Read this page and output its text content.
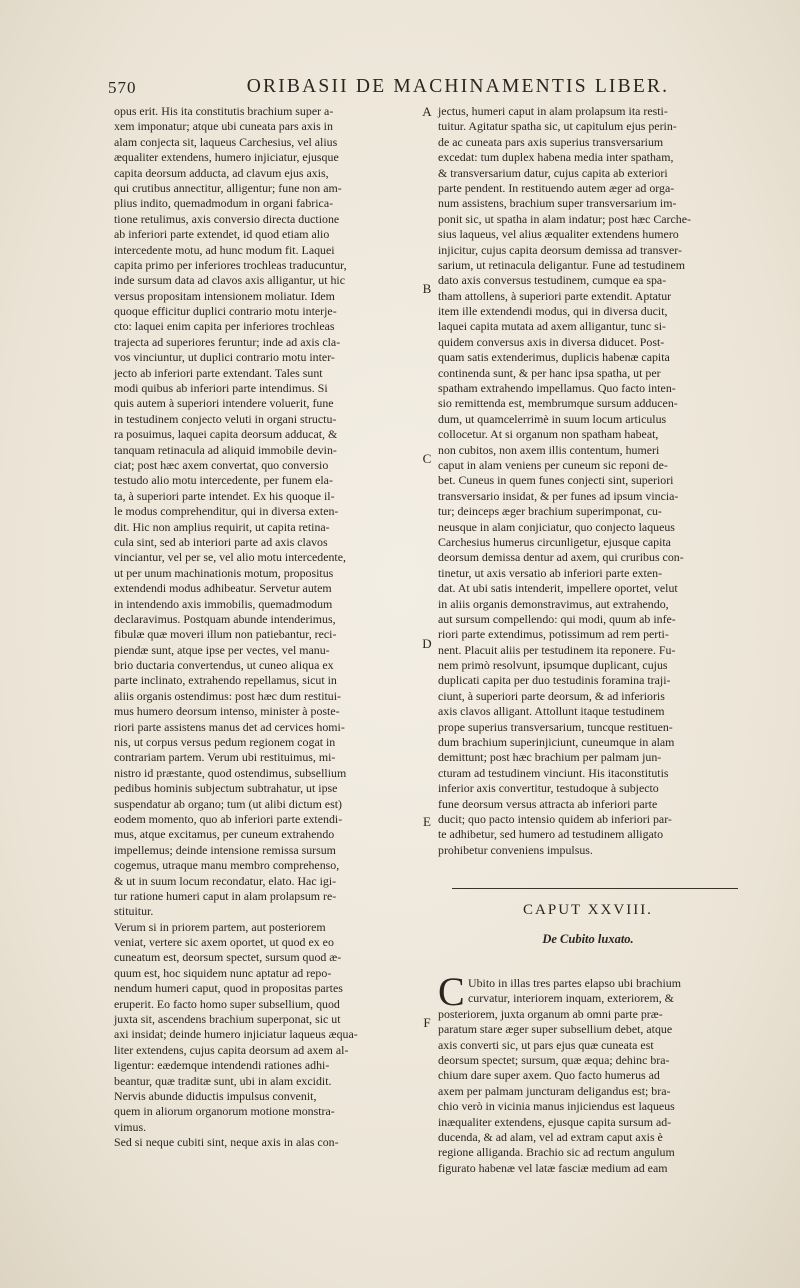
570	ORIBASII DE MACHINAMENTIS LIBER.
opus erit. His ita constitutis brachium super a-
xem imponatur; atque ubi cuneata pars axis in
alam conjecta sit, laqueus Carchesius, vel alius
æqualiter extendens, humero injiciatur, ejusque
capita deorsum adducta, ad clavum ejus axis,
qui crutibus annectitur, alligentur; fune non am-
plius indito, quemadmodum in organi fabrica-
tione retulimus, axis conversio directa ductione
ab inferiori parte extendet, id quod etiam alio
intercedente motu, ad hunc modum fit. Laquei
capita primo per inferiores trochleas traducuntur,
inde sursum data ad clavos axis alligantur, ut hic
versus propositam intensionem moliatur. Idem
quoque efficitur duplici contrario motu interje-
cto: laquei enim capita per inferiores trochleas
trajecta ad superiores feruntur; inde ad axis cla-
vos vinciuntur, ut duplici contrario motu inter-
jecto ab inferiori parte extendant. Tales sunt
modi quibus ab inferiori parte intendimus. Si
quis autem à superiori intendere voluerit, fune
in testudinem conjecto veluti in organi structu-
ra posuimus, laquei capita deorsum adducat, &
tanquam retinacula ad aliquid immobile devin-
ciat; post hæc axem convertat, quo conversio
testudo alio motu intercedente, per funem ela-
ta, à superiori parte intendet. Ex his quoque il-
le modus comprehenditur, qui in diversa exten-
dit. Hic non amplius requirit, ut capita retina-
cula sint, sed ab interiori parte ad axis clavos
vinciantur, vel per se, vel alio motu intercedente,
ut per unum machinationis motum, propositus
extendendi modus adhibeatur. Servetur autem
in intendendo axis immobilis, quemadmodum
declaravimus. Postquam abunde intenderimus,
fibulæ quæ moveri illum non patiebantur, reci-
piendæ sunt, atque ipse per vectes, vel manu-
brio ductaria convertendus, ut cuneo aliqua ex
parte inclinato, extrahendo repellamus, sicut in
aliis organis ostendimus: post hæc dum restitui-
mus humero deorsum intenso, minister à poste-
riori parte assistens manus det ad cervices homi-
nis, ut corpus versus pedum regionem cogat in
contrariam partem. Verum ubi restituimus, mi-
nistro id præstante, quod ostendimus, subsellium
pedibus hominis subjectum subtrahatur, ut ipse
suspendatur ab organo; tum (ut alibi dictum est)
eodem momento, quo ab inferiori parte extendi-
mus, atque excitamus, per cuneum extrahendo
impellemus; deinde intensione remissa sursum
cogemus, utraque manu membro comprehenso,
& ut in suum locum recondatur, elato. Hac igi-
tur ratione humeri caput in alam prolapsum re-
stituitur.
Verum si in priorem partem, aut posteriorem
veniat, vertere sic axem oportet, ut quod ex eo
cuneatum est, deorsum spectet, sursum quod æ-
quum est, hoc siquidem nunc aptatur ad repo-
nendum humeri caput, quod in propositas partes
eruperit. Eo facto homo super subsellium, quod
juxta sit, ascendens brachium superponat, sic ut
axi insidat; deinde humero injiciatur laqueus æqua-
liter extendens, cujus capita deorsum ad axem al-
ligentur: eædemque intendendi rationes adhi-
beantur, quæ traditæ sunt, ubi in alam excidit.
Nervis abunde diductis impulsus convenit,
quem in aliorum organorum motione monstra-
vimus.
Sed si neque cubiti sint, neque axis in alas con-
jectus, humeri caput in alam prolapsum ita resti-
tuitur. Agitatur spatha sic, ut capitulum ejus perin-
de ac cuneata pars axis superius transversarium
excedat: tum duplex habena media inter spatham,
& transversarium datur, cujus capita ab exteriori
parte pendent. In restituendo autem æger ad orga-
num assistens, brachium super transversarium im-
ponit sic, ut spatha in alam indatur; post hæc Carche-
sius laqueus, vel alius æqualiter extendens humero
injicitur, cujus capita deorsum demissa ad transver-
sarium, ut retinacula deligantur. Fune ad testudinem
dato axis conversus testudinem, cumque ea spa-
tham attollens, à superiori parte extendit. Aptatur
item ille extendendi modus, qui in diversa ducit,
laquei capita mutata ad axem alligantur, tunc si-
quidem conversus axis in diversa diducet. Post-
quam satis extenderimus, duplicis habenæ capita
continenda sunt, & per hanc ipsa spatha, ut per
spatham extrahendo impellamus. Quo facto inten-
sio remittenda est, membrumque sursum adducen-
dum, ut quamcelerrimè in suum locum articulus
collocetur. At si organum non spatham habeat,
non cubitos, non axem illis contentum, humeri
caput in alam veniens per cuneum sic reponi de-
bet. Cuneus in quem funes conjecti sint, superiori
transversario insidat, & per funes ad ipsum vincia-
tur; deinceps æger brachium superimponat, cu-
neusque in alam conjiciatur, quo conjecto laqueus
Carchesius humerus circunligetur, ejusque capita
deorsum demissa dentur ad axem, qui cruribus con-
tinetur, ut axis versatio ab inferiori parte exten-
dat. At ubi satis intenderit, impellere oportet, velut
in aliis organis demonstravimus, aut extrahendo,
aut sursum compellendo: qui modi, quum ab infe-
riori parte extendimus, potissimum ad rem perti-
nent. Placuit aliis per testudinem ita reponere. Fu-
nem primò resolvunt, ipsumque duplicant, cujus
duplicati capita per duo testudinis foramina traji-
ciunt, à superiori parte deorsum, & ad inferioris
axis clavos alligant. Attollunt itaque testudinem
prope superius transversarium, tuncque restituen-
dum brachium superinjiciunt, cuneumque in alam
demittunt; post hæc brachium per palmam jun-
cturam ad testudinem vinciunt. His itaconstitutis
inferior axis convertitur, testudoque à subjecto
fune deorsum versus attracta ab inferiori parte
ducit; quo pacto intensio quidem ab inferiori par-
te adhibetur, sed humero ad testudinem alligato
prohibetur conveniens impulsus.
A
B
C
D
E
F
CAPUT XXVIII.
De Cubito luxato.
C Ubito in illas tres partes elapso ubi brachium
curvatur, interiorem inquam, exteriorem, &
posteriorem, juxta organum ab omni parte præ-
paratum stare æger super subsellium debet, atque
axis converti sic, ut pars ejus quæ cuneata est
deorsum spectet; sursum, quæ æqua; dehinc bra-
chium dare super axem. Quo facto humerus ad
axem per palmam juncturam deligandus est; bra-
chio verò in vicinia manus injiciendus est laqueus
inæqualiter extendens, ejusque capita sursum ad-
ducenda, & ad alam, vel ad extram caput axis è
regione alliganda. Brachio sic ad rectum angulum
figurato habenæ vel latæ fasciæ medium ad eam
